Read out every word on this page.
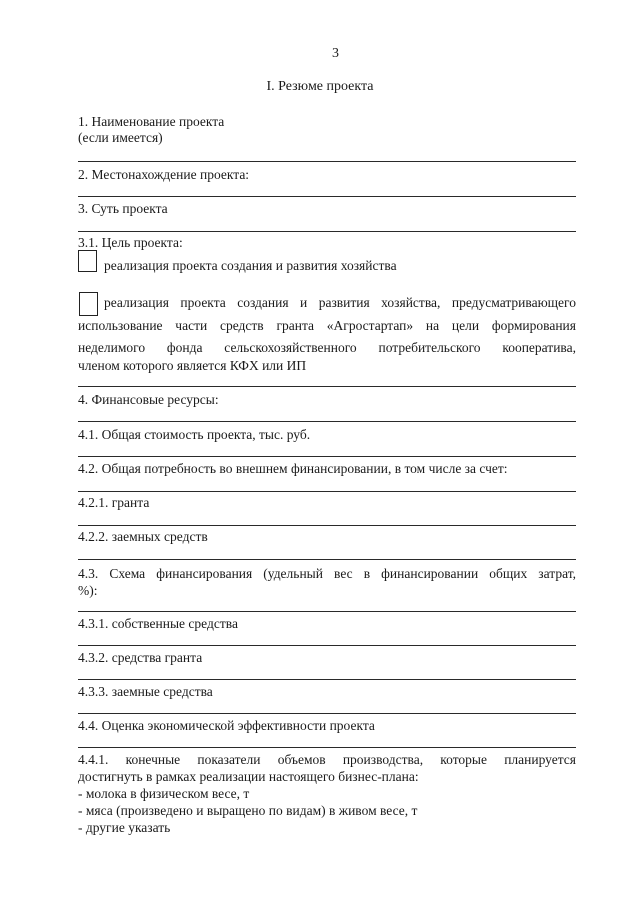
3
I. Резюме проекта
1. Наименование проекта
(если имеется)
2. Местонахождение проекта:
3. Суть проекта
3.1. Цель проекта:
реализация проекта создания и развития хозяйства
реализация проекта создания и развития хозяйства, предусматривающего
использование части средств гранта «Агростартап» на цели формирования
неделимого фонда сельскохозяйственного потребительского кооператива,
членом которого является КФХ или ИП
4. Финансовые ресурсы:
4.1. Общая стоимость проекта, тыс. руб.
4.2. Общая потребность во внешнем финансировании, в том числе за счет:
4.2.1. гранта
4.2.2. заемных средств
4.3. Схема финансирования (удельный вес в финансировании общих затрат,
%):
4.3.1. собственные средства
4.3.2. средства гранта
4.3.3. заемные средства
4.4. Оценка экономической эффективности проекта
4.4.1. конечные показатели объемов производства, которые планируется
достигнуть в рамках реализации настоящего бизнес-плана:
- молока в физическом весе, т
- мяса (произведено и выращено по видам) в живом весе, т
- другие указать
